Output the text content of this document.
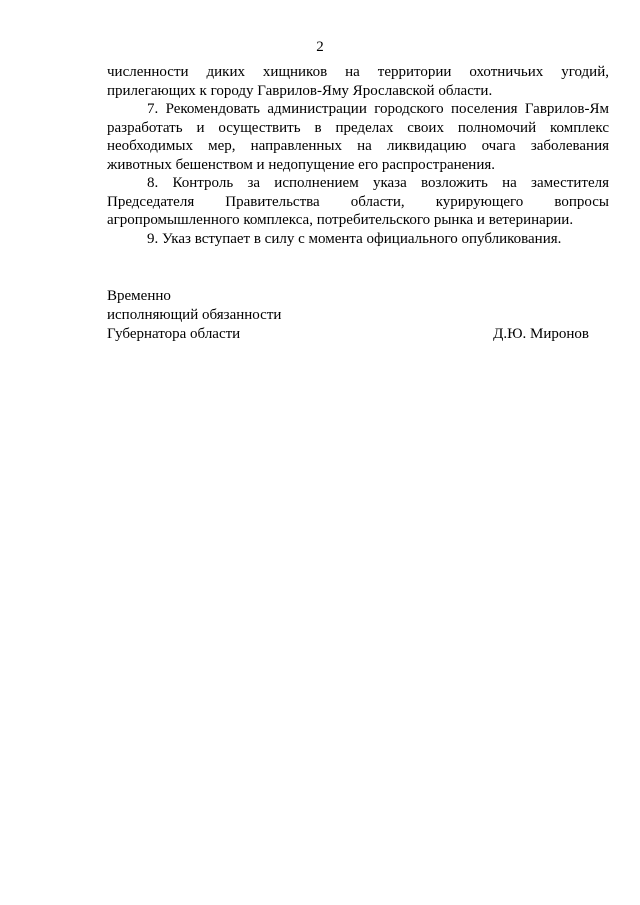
2

численности диких хищников на территории охотничьих угодий, прилегающих к городу Гаврилов-Яму Ярославской области.

7. Рекомендовать администрации городского поселения Гаврилов-Ям разработать и осуществить в пределах своих полномочий комплекс необходимых мер, направленных на ликвидацию очага заболевания животных бешенством и недопущение его распространения.

8. Контроль за исполнением указа возложить на заместителя Председателя Правительства области, курирующего вопросы агропромышленного комплекса, потребительского рынка и ветеринарии.

9. Указ вступает в силу с момента официального опубликования.

Временно
исполняющий обязанности
Губернатора области	Д.Ю. Миронов
